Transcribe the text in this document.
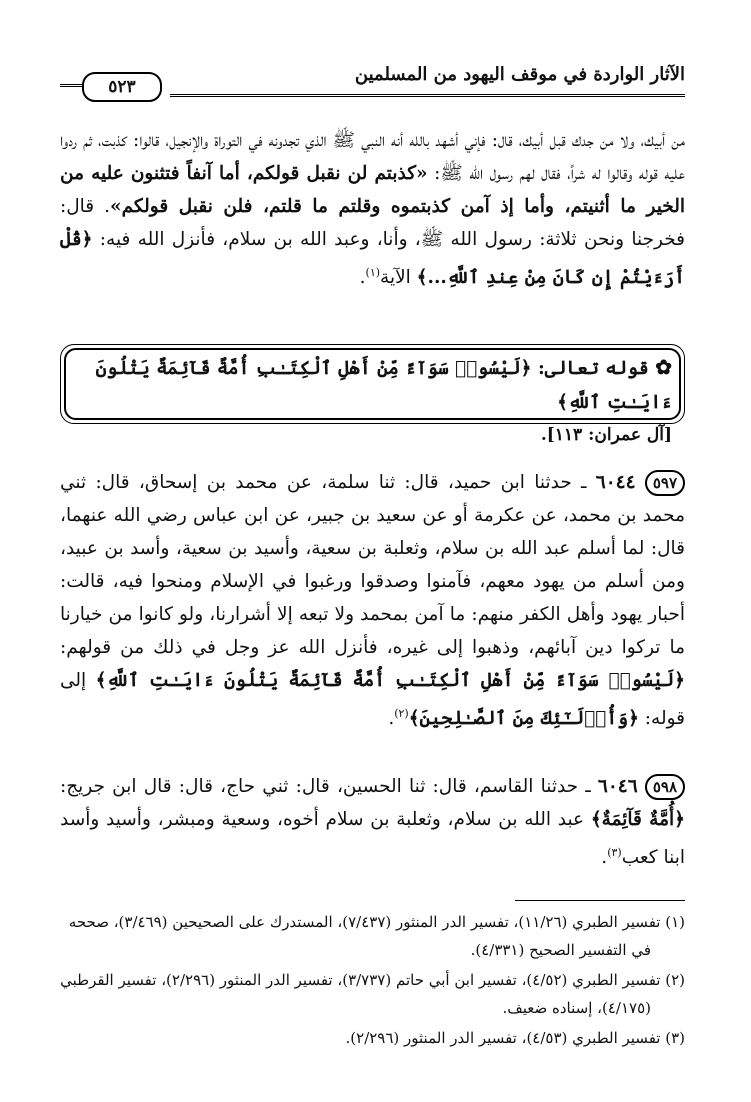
الآثار الواردة في موقف اليهود من المسلمين
٥٢٣

من أبيك، ولا من جدك قبل أبيك، قال: فإني أشهد بالله أنه النبي ﷺ الذي تجدونه في التوراة والإنجيل، قالوا: كذبت، ثم ردوا عليه قوله وقالوا له شراً، فقال لهم رسول الله ﷺ: «كذبتم لن نقبل قولكم، أما آنفاً فتثنون عليه من الخير ما أثنيتم، وأما إذ آمن كذبتموه وقلتم ما قلتم، فلن نقبل قولكم». قال: فخرجنا ونحن ثلاثة: رسول الله ﷺ، وأنا، وعبد الله بن سلام، فأنزل الله فيه: ﴿قُلْ أَرَءَيْتُمْ إِن كَانَ مِنْ عِندِ ٱللَّهِ...﴾ الآية$^{(١)}$.

✿ قوله تعالى: ﴿لَيْسُوا۟ سَوَآءً مِّنْ أَهْلِ ٱلْكِتَـٰبِ أُمَّةٌ قَآئِمَةٌ يَتْلُونَ ءَايَـٰتِ ٱللَّهِ﴾
[آل عمران: ١١٣].

٥٩٧ ٦٠٤٤ ـ حدثنا ابن حميد، قال: ثنا سلمة، عن محمد بن إسحاق، قال: ثني محمد بن محمد، عن عكرمة أو عن سعيد بن جبير، عن ابن عباس رضي الله عنهما، قال: لما أسلم عبد الله بن سلام، وثعلبة بن سعية، وأسيد بن سعية، وأسد بن عبيد، ومن أسلم من يهود معهم، فآمنوا وصدقوا ورغبوا في الإسلام ومنحوا فيه، قالت: أحبار يهود وأهل الكفر منهم: ما آمن بمحمد ولا تبعه إلا أشرارنا، ولو كانوا من خيارنا ما تركوا دين آبائهم، وذهبوا إلى غيره، فأنزل الله عز وجل في ذلك من قولهم: ﴿لَيْسُوا۟ سَوَآءً مِّنْ أَهْلِ ٱلْكِتَـٰبِ أُمَّةٌ قَآئِمَةٌ يَتْلُونَ ءَايَـٰتِ ٱللَّهِ﴾ إلى قوله: ﴿وَأُو۟لَـٰٓئِكَ مِنَ ٱلصَّـٰلِحِينَ﴾$^{(٢)}$.

٥٩٨ ٦٠٤٦ ـ حدثنا القاسم، قال: ثنا الحسين، قال: ثني حاج، قال: قال ابن جريج: ﴿أُمَّةٌ قَآئِمَةٌ﴾ عبد الله بن سلام، وثعلبة بن سلام أخوه، وسعية ومبشر، وأسيد وأسد ابنا كعب$^{(٣)}$.

(١) تفسير الطبري (١١/٢٦)، تفسير الدر المنثور (٧/٤٣٧)، المستدرك على الصحيحين (٣/٤٦٩)، صححه في التفسير الصحيح (٤/٣٣١).

(٢) تفسير الطبري (٤/٥٢)، تفسير ابن أبي حاتم (٣/٧٣٧)، تفسير الدر المنثور (٢/٢٩٦)، تفسير القرطبي (٤/١٧٥)، إسناده ضعيف.

(٣) تفسير الطبري (٤/٥٣)، تفسير الدر المنثور (٢/٢٩٦).
